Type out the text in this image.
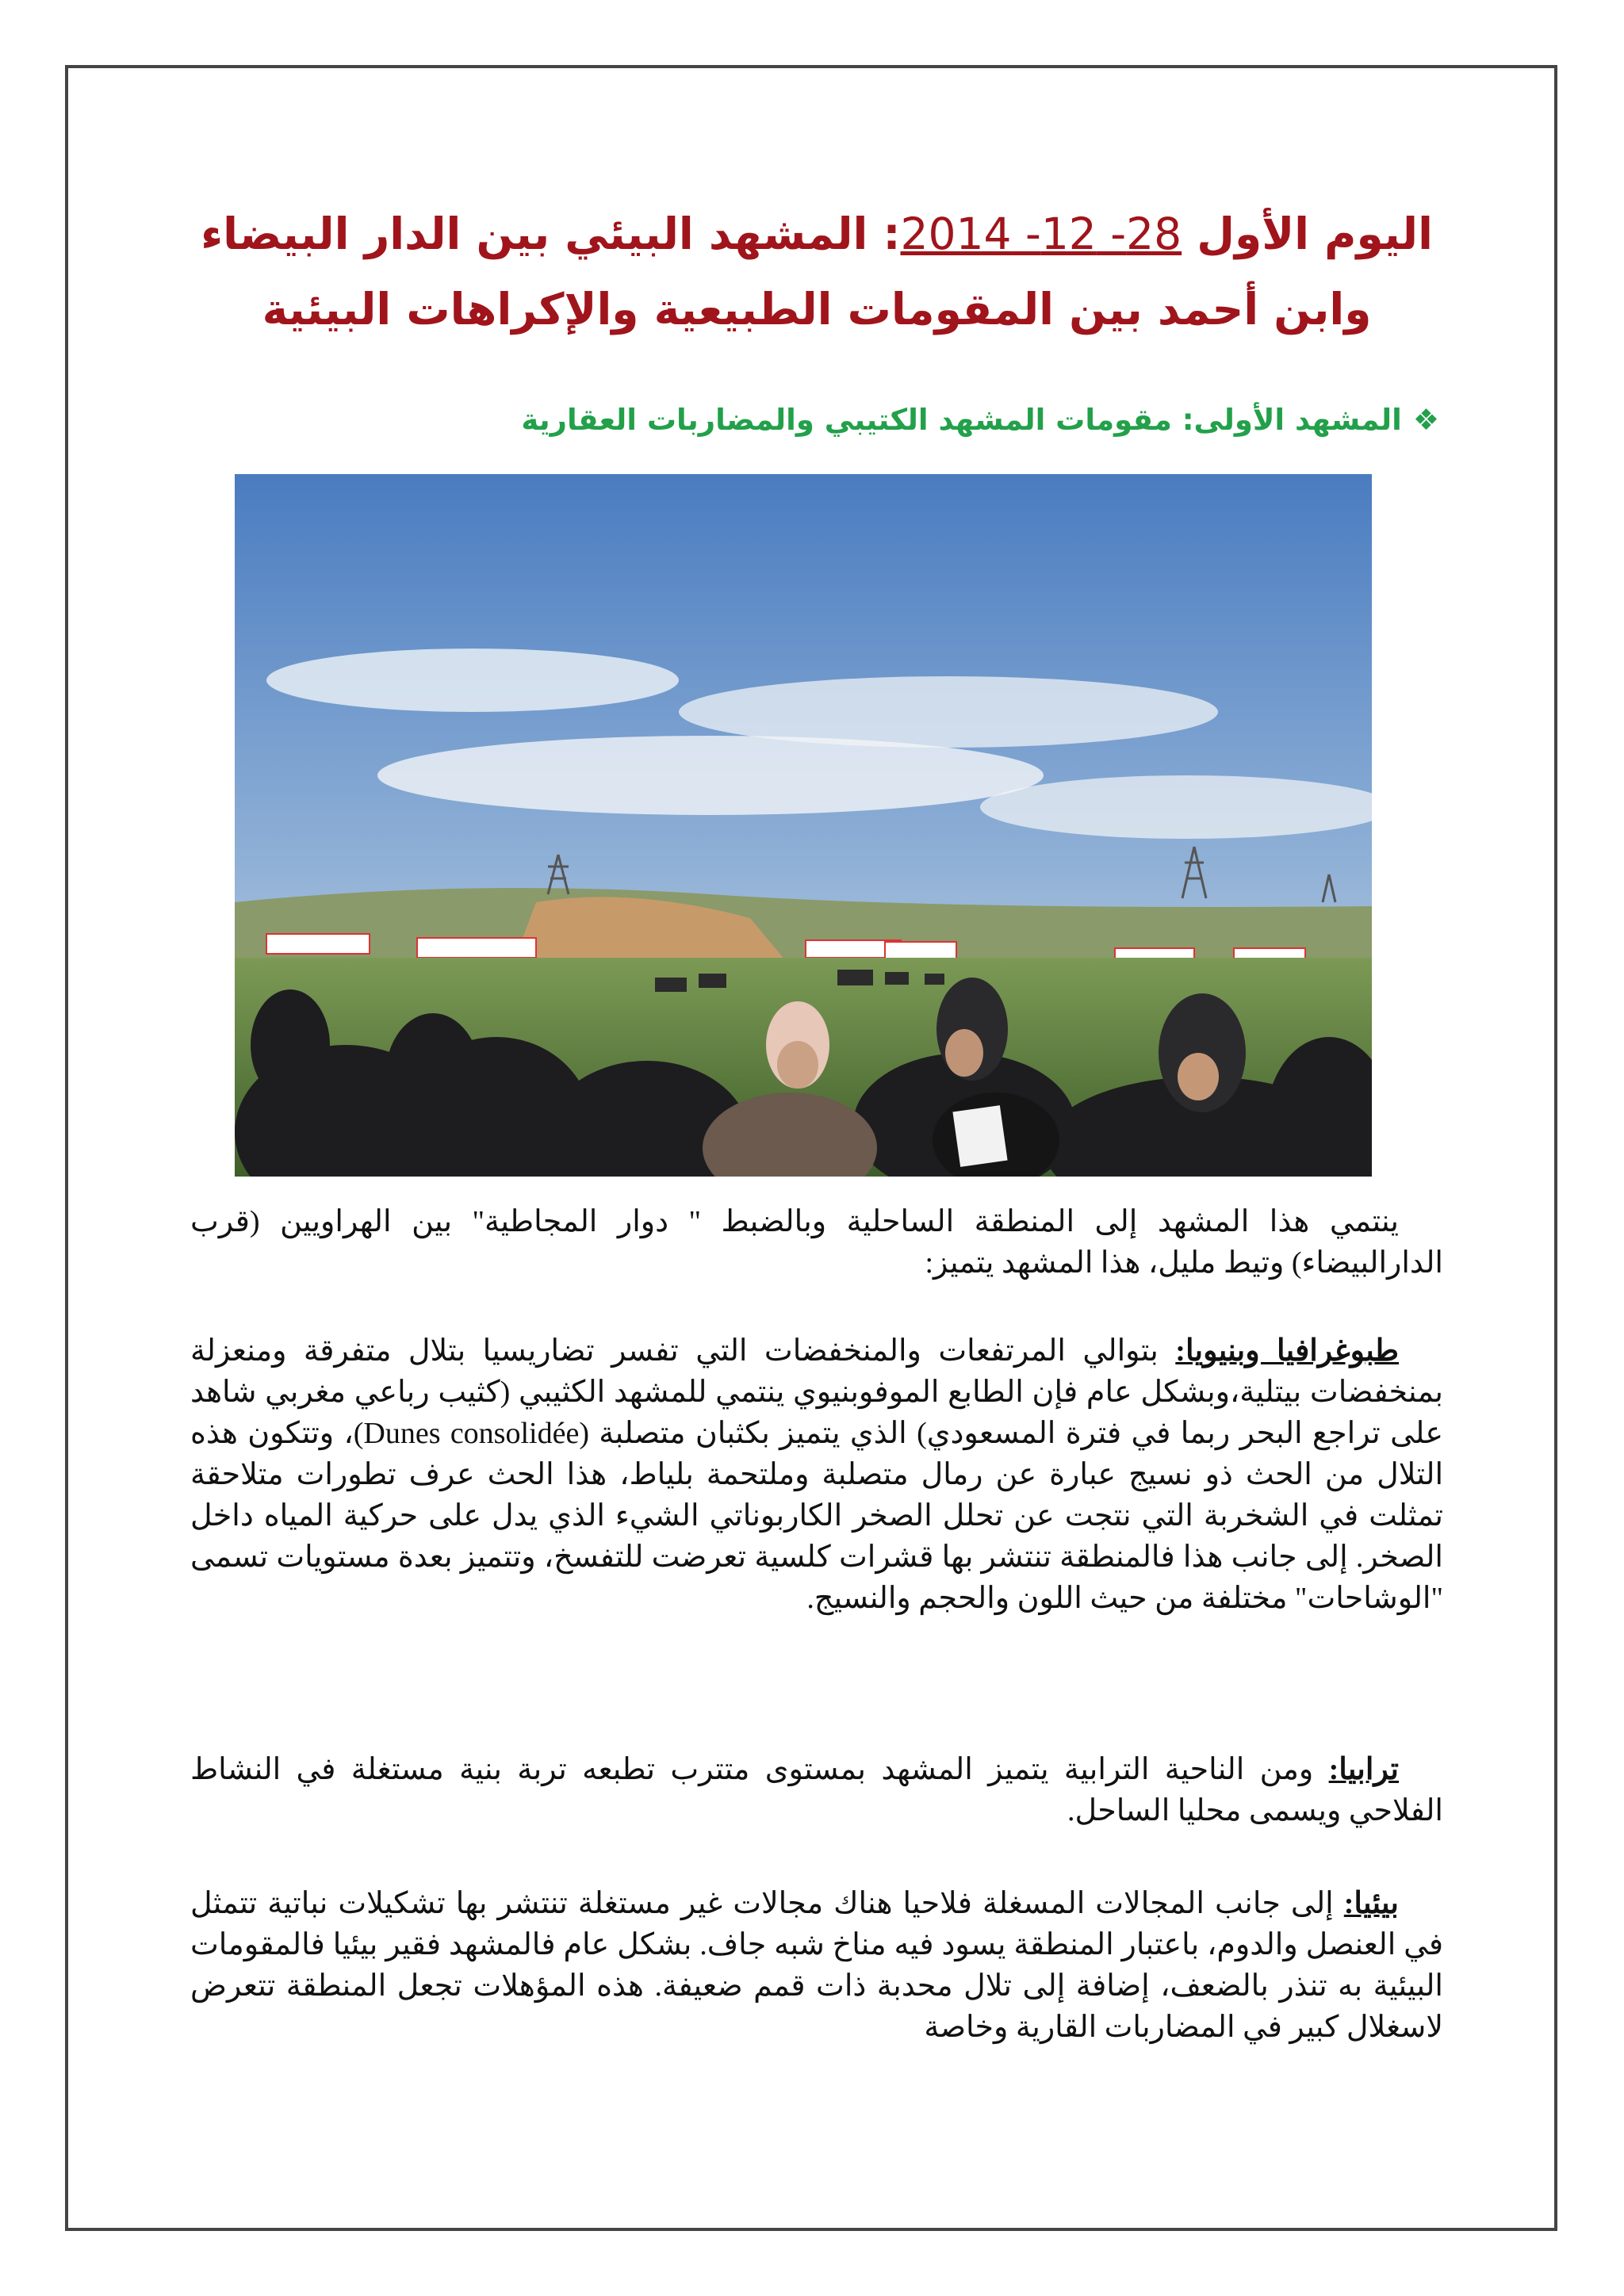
اليوم الأول 28- 12- 2014: المشهد البيئي بين الدار البيضاء وابن أحمد بين المقومات الطبيعية والإكراهات البيئية
❖المشهد الأولى: مقومات المشهد الكتيبي والمضاربات العقارية
ينتمي هذا المشهد إلى المنطقة الساحلية وبالضبط " دوار المجاطية" بين الهراويين (قرب الدارالبيضاء) وتيط مليل، هذا المشهد يتميز:
طبوغرافيا وبنيويا: بتوالي المرتفعات والمنخفضات التي تفسر تضاريسيا بتلال متفرقة ومنعزلة بمنخفضات بيتلية،وبشكل عام فإن الطابع الموفوبنيوي ينتمي للمشهد الكثيبي (كثيب رباعي مغربي شاهد على تراجع البحر ربما في فترة المسعودي) الذي يتميز بكثبان متصلبة (Dunes consolidée)، وتتكون هذه التلال من الحث ذو نسيج عبارة عن رمال متصلبة وملتحمة بلياط، هذا الحث عرف تطورات متلاحقة تمثلت في الشخربة التي نتجت عن تحلل الصخر الكاربوناتي الشيء الذي يدل على حركية المياه داخل الصخر. إلى جانب هذا فالمنطقة تنتشر بها قشرات كلسية تعرضت للتفسخ، وتتميز بعدة مستويات تسمى "الوشاحات" مختلفة من حيث اللون والحجم والنسيج.
ترابيا: ومن الناحية الترابية يتميز المشهد بمستوى متترب تطبعه تربة بنية مستغلة في النشاط الفلاحي ويسمى محليا الساحل.
بيئيا: إلى جانب المجالات المسغلة فلاحيا هناك مجالات غير مستغلة تنتشر بها تشكيلات نباتية تتمثل في العنصل والدوم، باعتبار المنطقة يسود فيه مناخ شبه جاف. بشكل عام فالمشهد فقير بيئيا فالمقومات البيئية به تنذر بالضعف، إضافة إلى تلال محدبة ذات قمم ضعيفة. هذه المؤهلات تجعل المنطقة تتعرض لاسغلال كبير في المضاربات القارية وخاصة
